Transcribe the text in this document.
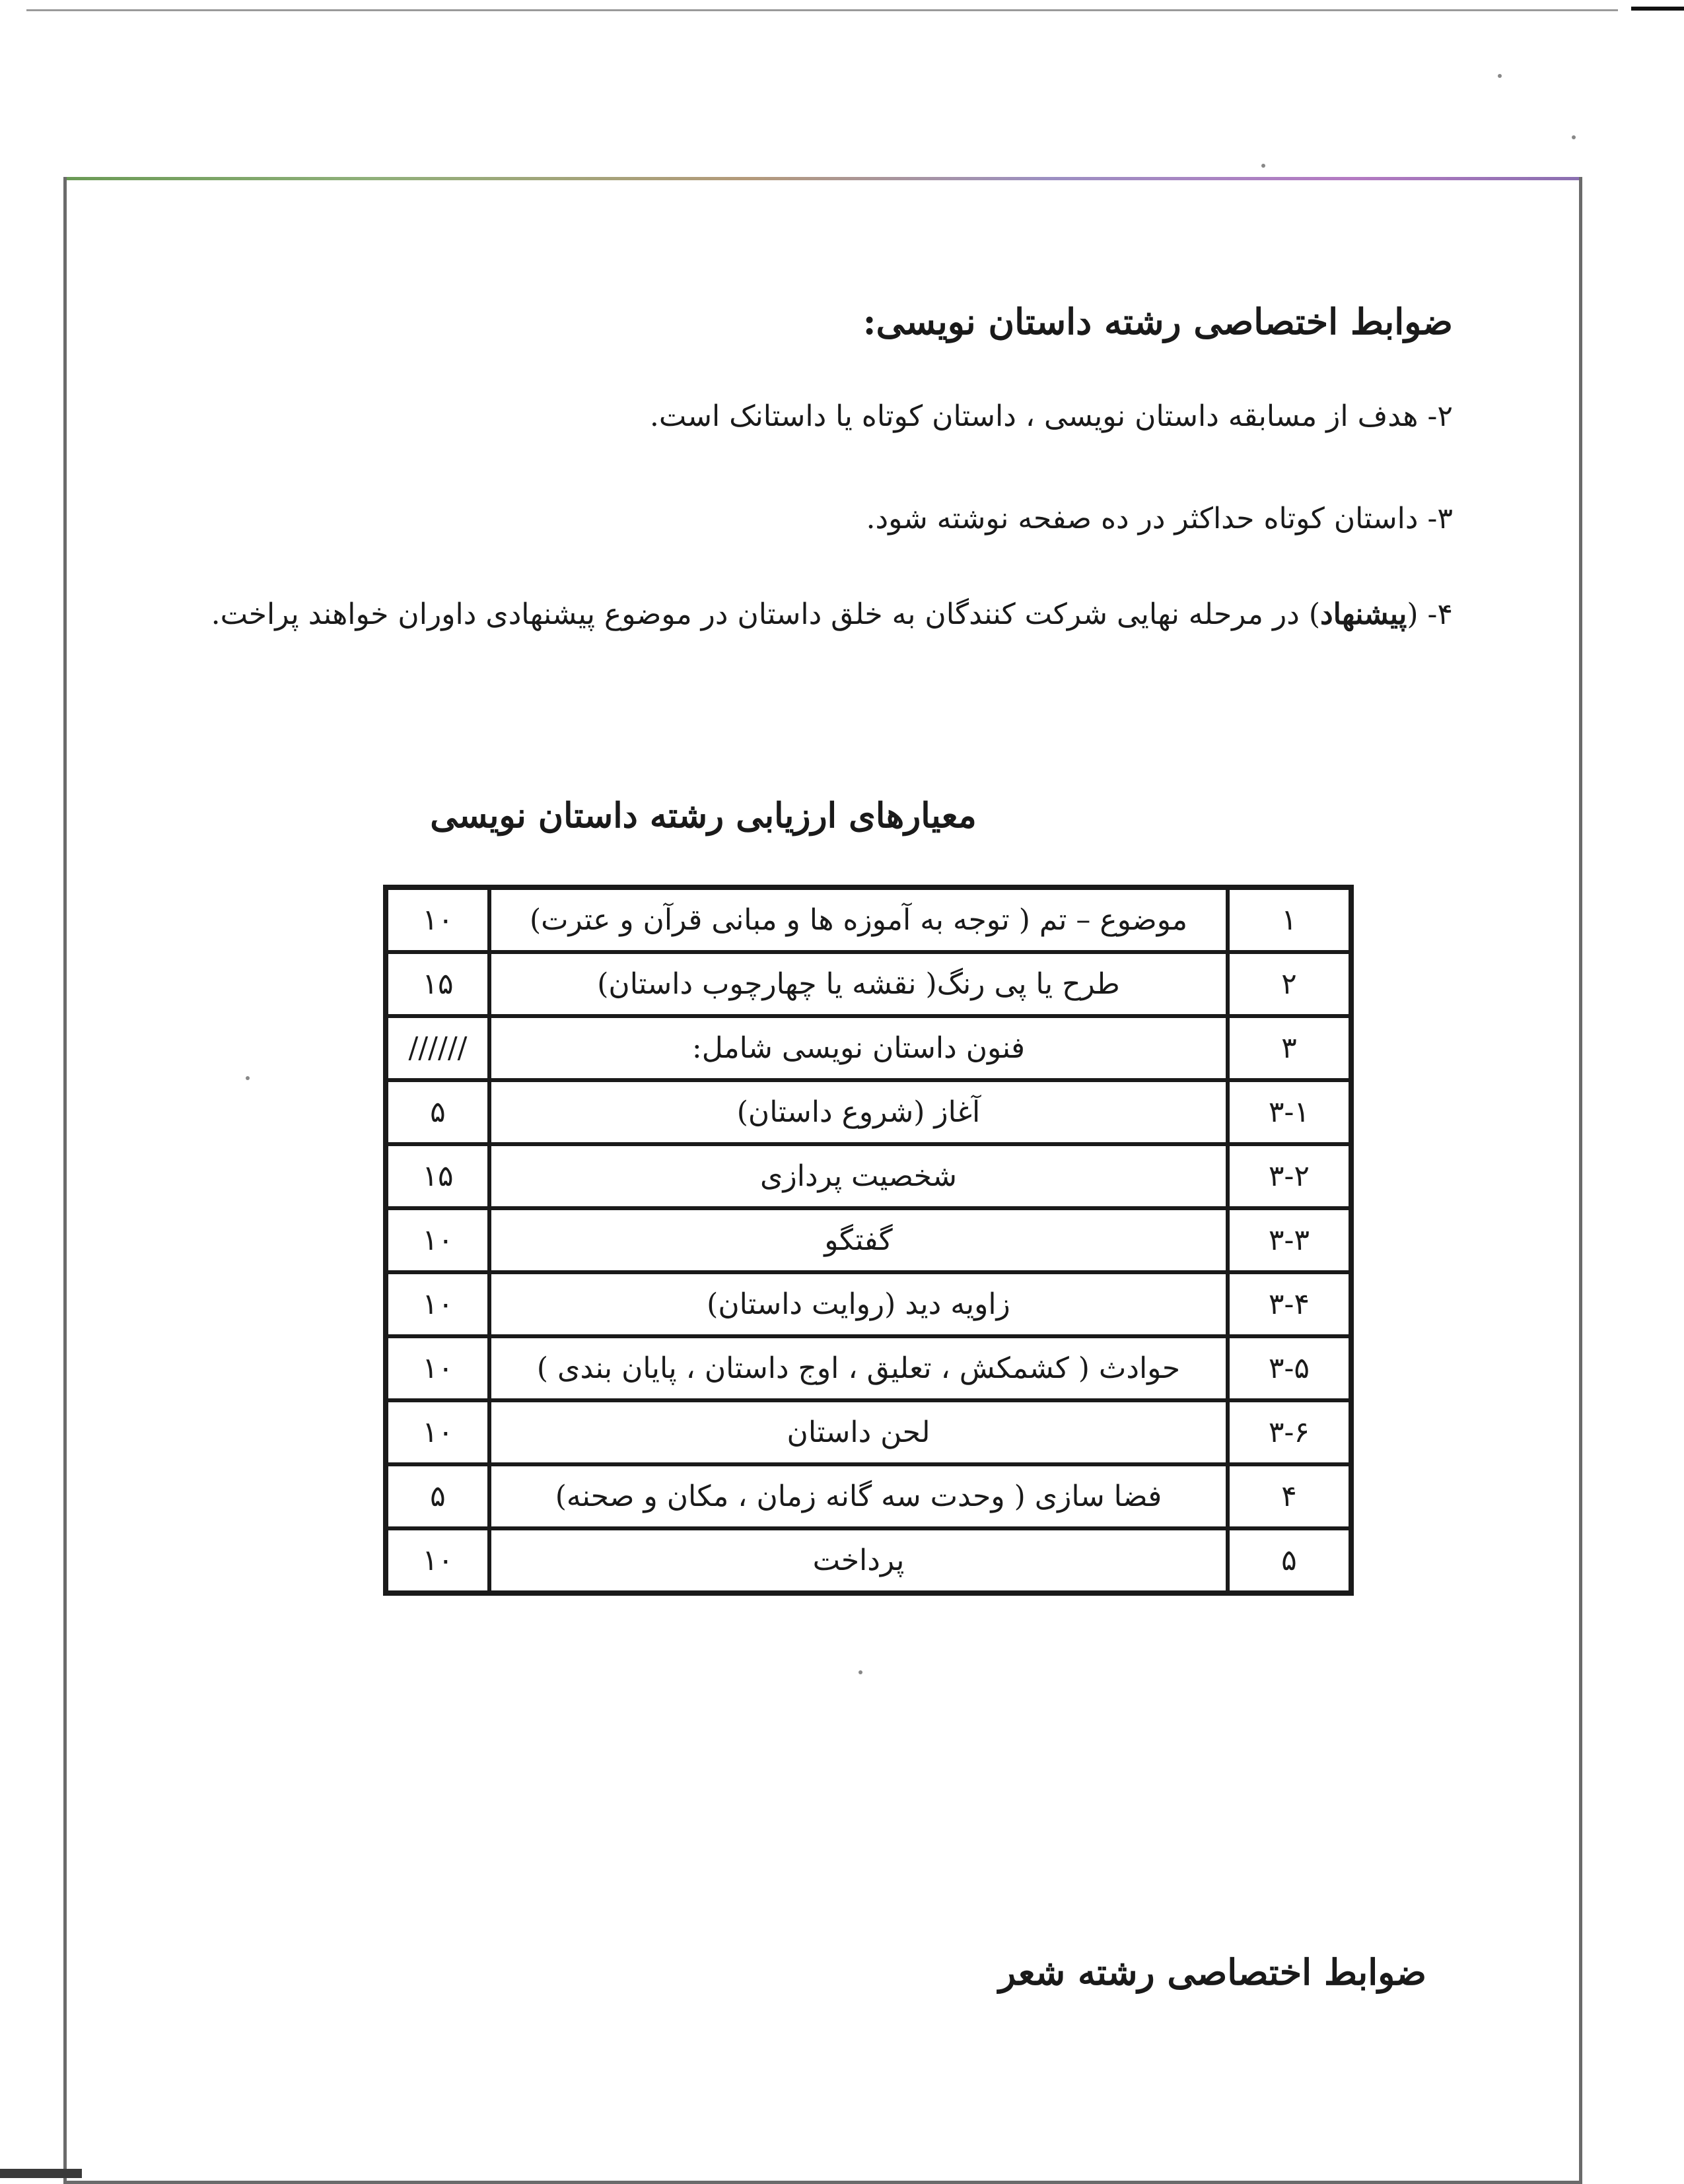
ضوابط اختصاصی رشته داستان نویسی:
۲- هدف از مسابقه داستان نویسی ، داستان کوتاه یا داستانک است.
۳- داستان کوتاه حداکثر در ده صفحه نوشته شود.
۴- (پیشنهاد) در مرحله نهایی شرکت کنندگان به خلق داستان در موضوع پیشنهادی داوران خواهند پراخت.
معیارهای ارزیابی رشته داستان نویسی
۱	موضوع – تم ( توجه به آموزه ها و مبانی قرآن و عترت)	۱۰
۲	طرح یا پی رنگ( نقشه یا چهارچوب داستان)	۱۵
۳	فنون داستان نویسی شامل:	//////
۳-۱	آغاز (شروع داستان)	۵
۳-۲	شخصیت پردازی	۱۵
۳-۳	گفتگو	۱۰
۳-۴	زاویه دید (روایت داستان)	۱۰
۳-۵	حوادث ( کشمکش ، تعلیق ، اوج داستان ، پایان بندی )	۱۰
۳-۶	لحن داستان	۱۰
۴	فضا سازی ( وحدت سه گانه زمان ، مکان و صحنه)	۵
۵	پرداخت	۱۰
ضوابط اختصاصی رشته شعر
